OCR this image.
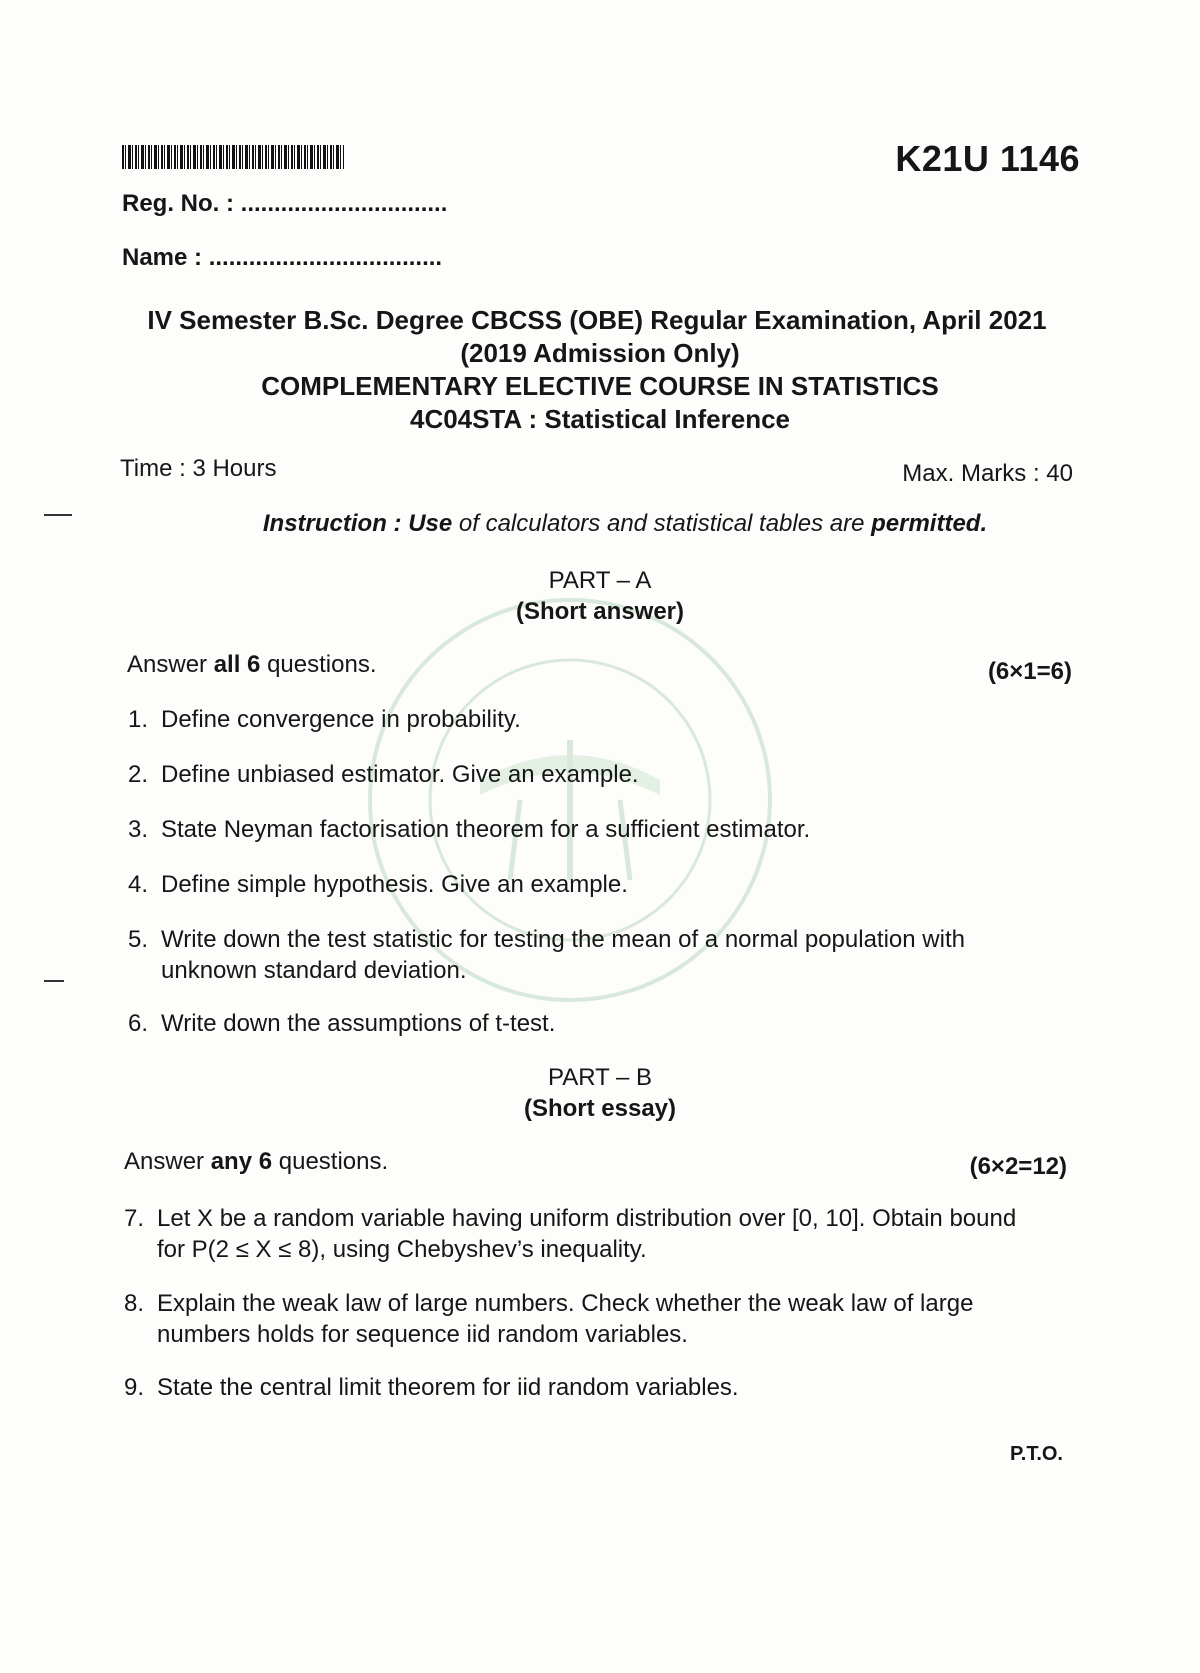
K21U 1146
Reg. No. : ...............................
Name : ...................................
IV Semester B.Sc. Degree CBCSS (OBE) Regular Examination, April 2021
(2019 Admission Only)
COMPLEMENTARY ELECTIVE COURSE IN STATISTICS
4C04STA : Statistical Inference
Time : 3 Hours	Max. Marks : 40
Instruction : Use of calculators and statistical tables are permitted.
PART – A
(Short answer)
Answer all 6 questions.	(6×1=6)
1. Define convergence in probability.
2. Define unbiased estimator. Give an example.
3. State Neyman factorisation theorem for a sufficient estimator.
4. Define simple hypothesis. Give an example.
5. Write down the test statistic for testing the mean of a normal population with unknown standard deviation.
6. Write down the assumptions of t-test.
PART – B
(Short essay)
Answer any 6 questions.	(6×2=12)
7. Let X be a random variable having uniform distribution over [0, 10]. Obtain bound for P(2 ≤ X ≤ 8), using Chebyshev’s inequality.
8. Explain the weak law of large numbers. Check whether the weak law of large numbers holds for sequence iid random variables.
9. State the central limit theorem for iid random variables.
P.T.O.
